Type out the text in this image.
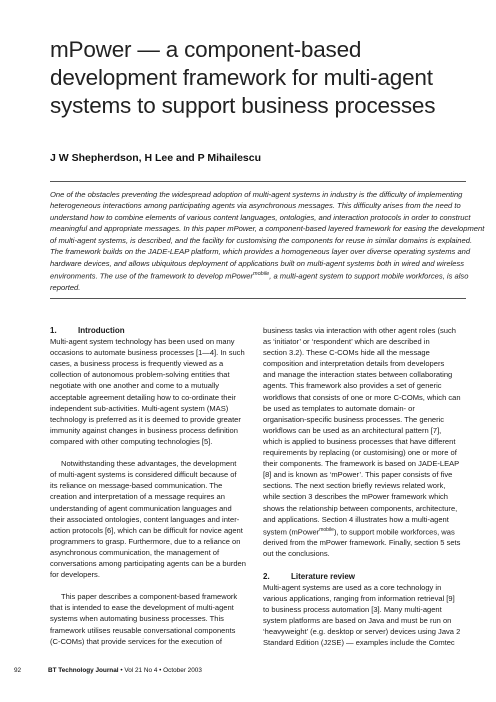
mPower — a component-based
development framework for multi-agent
systems to support business processes
J W Shepherdson, H Lee and P Mihailescu
One of the obstacles preventing the widespread adoption of multi-agent systems in industry is the difficulty of implementing
heterogeneous interactions among participating agents via asynchronous messages. This difficulty arises from the need to
understand how to combine elements of various content languages, ontologies, and interaction protocols in order to construct
meaningful and appropriate messages. In this paper mPower, a component-based layered framework for easing the development
of multi-agent systems, is described, and the facility for customising the components for reuse in similar domains is explained.
The framework builds on the JADE-LEAP platform, which provides a homogeneous layer over diverse operating systems and
hardware devices, and allows ubiquitous deployment of applications built on multi-agent systems both in wired and wireless
environments. The use of the framework to develop mPower$^{mobile}$, a multi-agent system to support mobile workforces, is also
reported.
1.	Introduction
Multi-agent system technology has been used on many
occasions to automate business processes [1—4]. In such
cases, a business process is frequently viewed as a
collection of autonomous problem-solving entities that
negotiate with one another and come to a mutually
acceptable agreement detailing how to co-ordinate their
independent sub-activities. Multi-agent system (MAS)
technology is preferred as it is deemed to provide greater
immunity against changes in business process definition
compared with other computing technologies [5].
Notwithstanding these advantages, the development
of multi-agent systems is considered difficult because of
its reliance on message-based communication. The
creation and interpretation of a message requires an
understanding of agent communication languages and
their associated ontologies, content languages and inter-
action protocols [6], which can be difficult for novice agent
programmers to grasp. Furthermore, due to a reliance on
asynchronous communication, the management of
conversations among participating agents can be a burden
for developers.
This paper describes a component-based framework
that is intended to ease the development of multi-agent
systems when automating business processes. This
framework utilises reusable conversational components
(C-COMs) that provide services for the execution of
business tasks via interaction with other agent roles (such
as ‘initiator’ or ‘respondent’ which are described in
section 3.2). These C-COMs hide all the message
composition and interpretation details from developers
and manage the interaction states between collaborating
agents. This framework also provides a set of generic
workflows that consists of one or more C-COMs, which can
be used as templates to automate domain- or
organisation-specific business processes. The generic
workflows can be used as an architectural pattern [7],
which is applied to business processes that have different
requirements by replacing (or customising) one or more of
their components. The framework is based on JADE-LEAP
[8] and is known as ‘mPower’. This paper consists of five
sections. The next section briefly reviews related work,
while section 3 describes the mPower framework which
shows the relationship between components, architecture,
and applications. Section 4 illustrates how a multi-agent
system (mPower$^{mobile}$), to support mobile workforces, was
derived from the mPower framework. Finally, section 5 sets
out the conclusions.
2.	Literature review
Multi-agent systems are used as a core technology in
various applications, ranging from information retrieval [9]
to business process automation [3]. Many multi-agent
system platforms are based on Java and must be run on
‘heavyweight’ (e.g. desktop or server) devices using Java 2
Standard Edition (J2SE) — examples include the Comtec
92	BT Technology Journal • Vol 21 No 4 • October 2003
